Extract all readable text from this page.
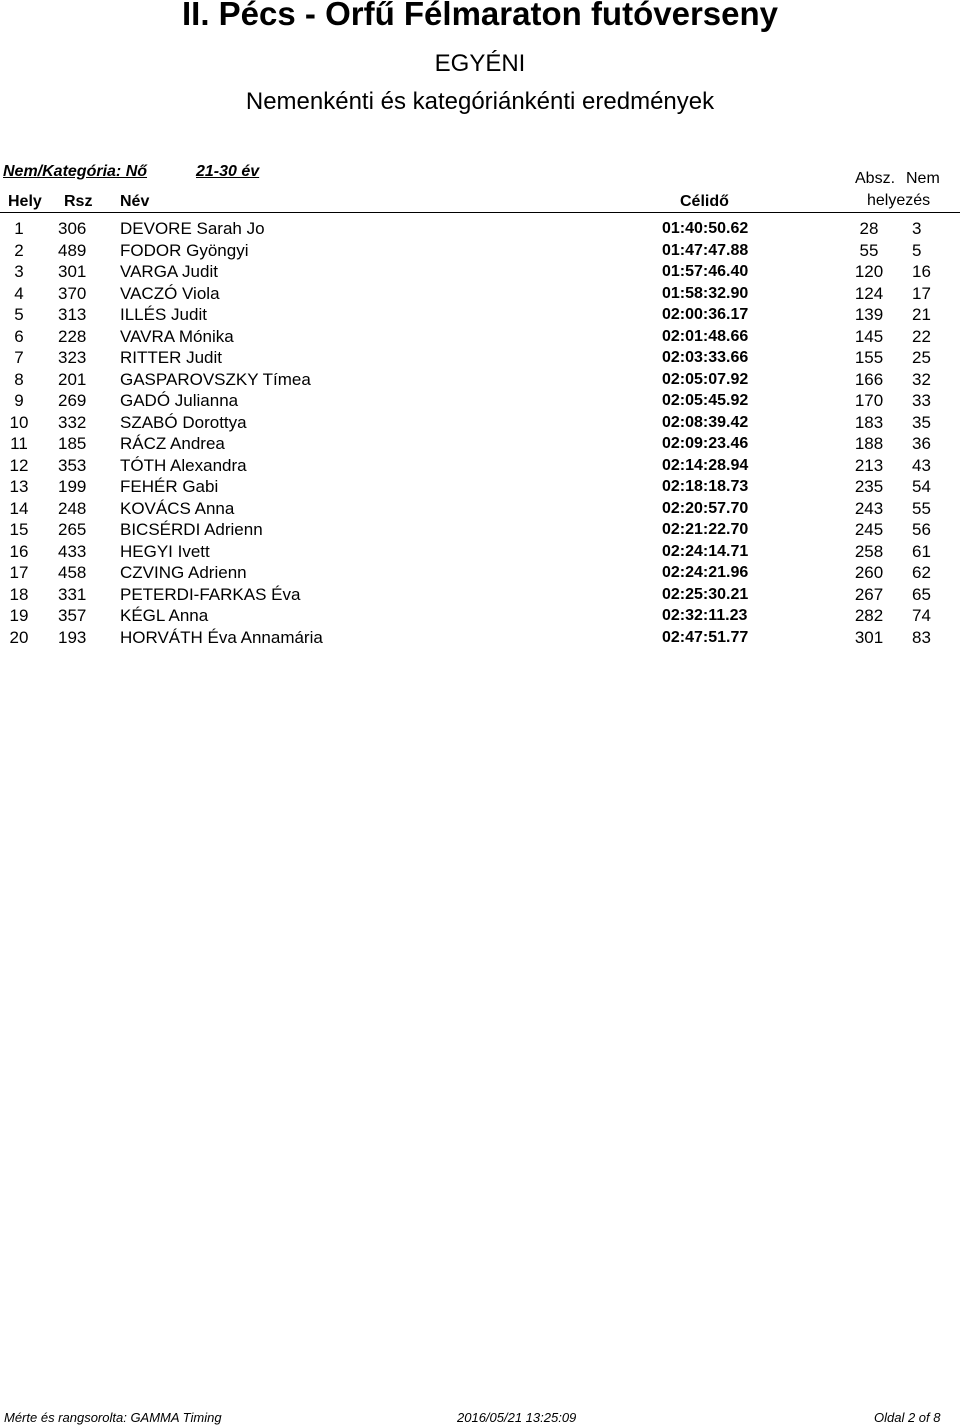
II. Pécs - Orfű Félmaraton futóverseny
EGYÉNI
Nemenkénti és kategóriánkénti eredmények
Nem/Kategória: Nő	21-30 év
Hely Rsz Név	Célidő
Absz. Nem
helyezés
1	306	DEVORE Sarah Jo	01:40:50.62	28	3
2	489	FODOR Gyöngyi	01:47:47.88	55	5
3	301	VARGA Judit	01:57:46.40	120 16
4	370	VACZÓ Viola	01:58:32.90	124 17
5	313	ILLÉS Judit	02:00:36.17	139 21
6	228	VAVRA Mónika	02:01:48.66	145 22
7	323	RITTER Judit	02:03:33.66	155 25
8	201	GASPAROVSZKY Tímea	02:05:07.92	166 32
9	269	GADÓ Julianna	02:05:45.92	170 33
10	332	SZABÓ Dorottya	02:08:39.42	183 35
11	185	RÁCZ Andrea	02:09:23.46	188 36
12	353	TÓTH Alexandra	02:14:28.94	213 43
13	199	FEHÉR Gabi	02:18:18.73	235 54
14	248	KOVÁCS Anna	02:20:57.70	243 55
15	265	BICSÉRDI Adrienn	02:21:22.70	245 56
16	433	HEGYI Ivett	02:24:14.71	258 61
17	458	CZVING Adrienn	02:24:21.96	260 62
18	331	PETERDI-FARKAS Éva	02:25:30.21	267 65
19	357	KÉGL Anna	02:32:11.23	282 74
20	193	HORVÁTH Éva Annamária	02:47:51.77	301 83
Mérte és rangsorolta: GAMMA Timing	2016/05/21 13:25:09	Oldal 2 of 8
